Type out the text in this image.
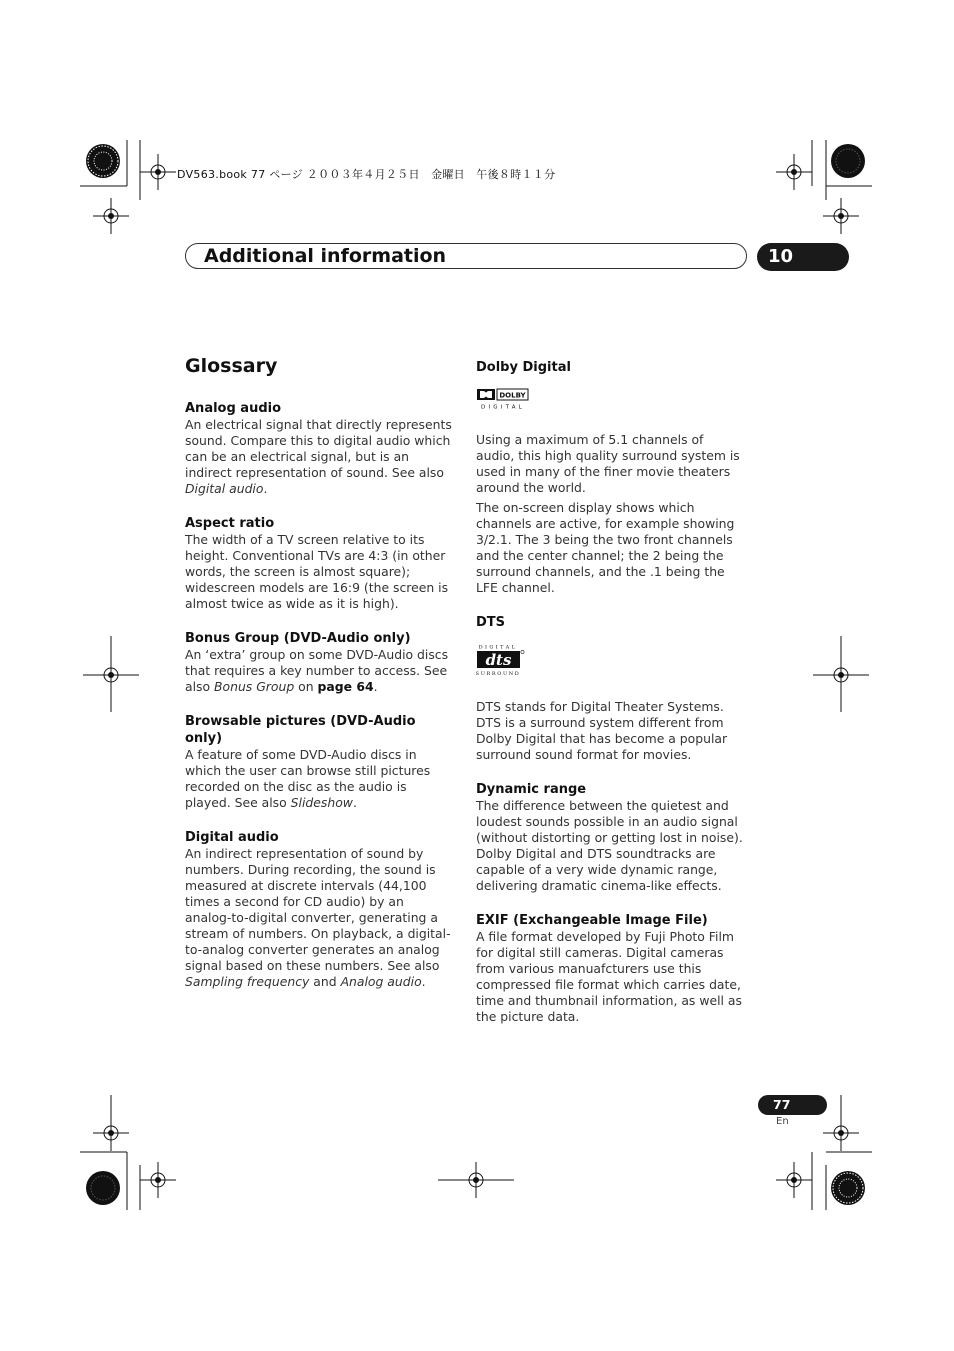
DV563.book 77 ページ ２００３年４月２５日　金曜日　午後８時１１分
Additional information	10
Glossary
Analog audio

An electrical signal that directly represents sound. Compare this to digital audio which can be an electrical signal, but is an indirect representation of sound. See also Digital audio.

Aspect ratio

The width of a TV screen relative to its height. Conventional TVs are 4:3 (in other words, the screen is almost square); widescreen models are 16:9 (the screen is almost twice as wide as it is high).

Bonus Group (DVD-Audio only)

An ‘extra’ group on some DVD-Audio discs that requires a key number to access. See also Bonus Group on page 64.

Browsable pictures (DVD-Audio only)

A feature of some DVD-Audio discs in which the user can browse still pictures recorded on the disc as the audio is played. See also Slideshow.

Digital audio

An indirect representation of sound by numbers. During recording, the sound is measured at discrete intervals (44,100 times a second for CD audio) by an analog-to-digital converter, generating a stream of numbers. On playback, a digital-to-analog converter generates an analog signal based on these numbers. See also Sampling frequency and Analog audio.

Dolby Digital
DOLBY
DIGITAL

Using a maximum of 5.1 channels of audio, this high quality surround system is used in many of the finer movie theaters around the world.

The on-screen display shows which channels are active, for example showing 3/2.1. The 3 being the two front channels and the center channel; the 2 being the surround channels, and the .1 being the LFE channel.

DTS
DIGITAL
dts
SURROUND

DTS stands for Digital Theater Systems. DTS is a surround system different from Dolby Digital that has become a popular surround sound format for movies.

Dynamic range

The difference between the quietest and loudest sounds possible in an audio signal (without distorting or getting lost in noise). Dolby Digital and DTS soundtracks are capable of a very wide dynamic range, delivering dramatic cinema-like effects.

EXIF (Exchangeable Image File)

A file format developed by Fuji Photo Film for digital still cameras. Digital cameras from various manuafcturers use this compressed file format which carries date, time and thumbnail information, as well as the picture data.

77
En
